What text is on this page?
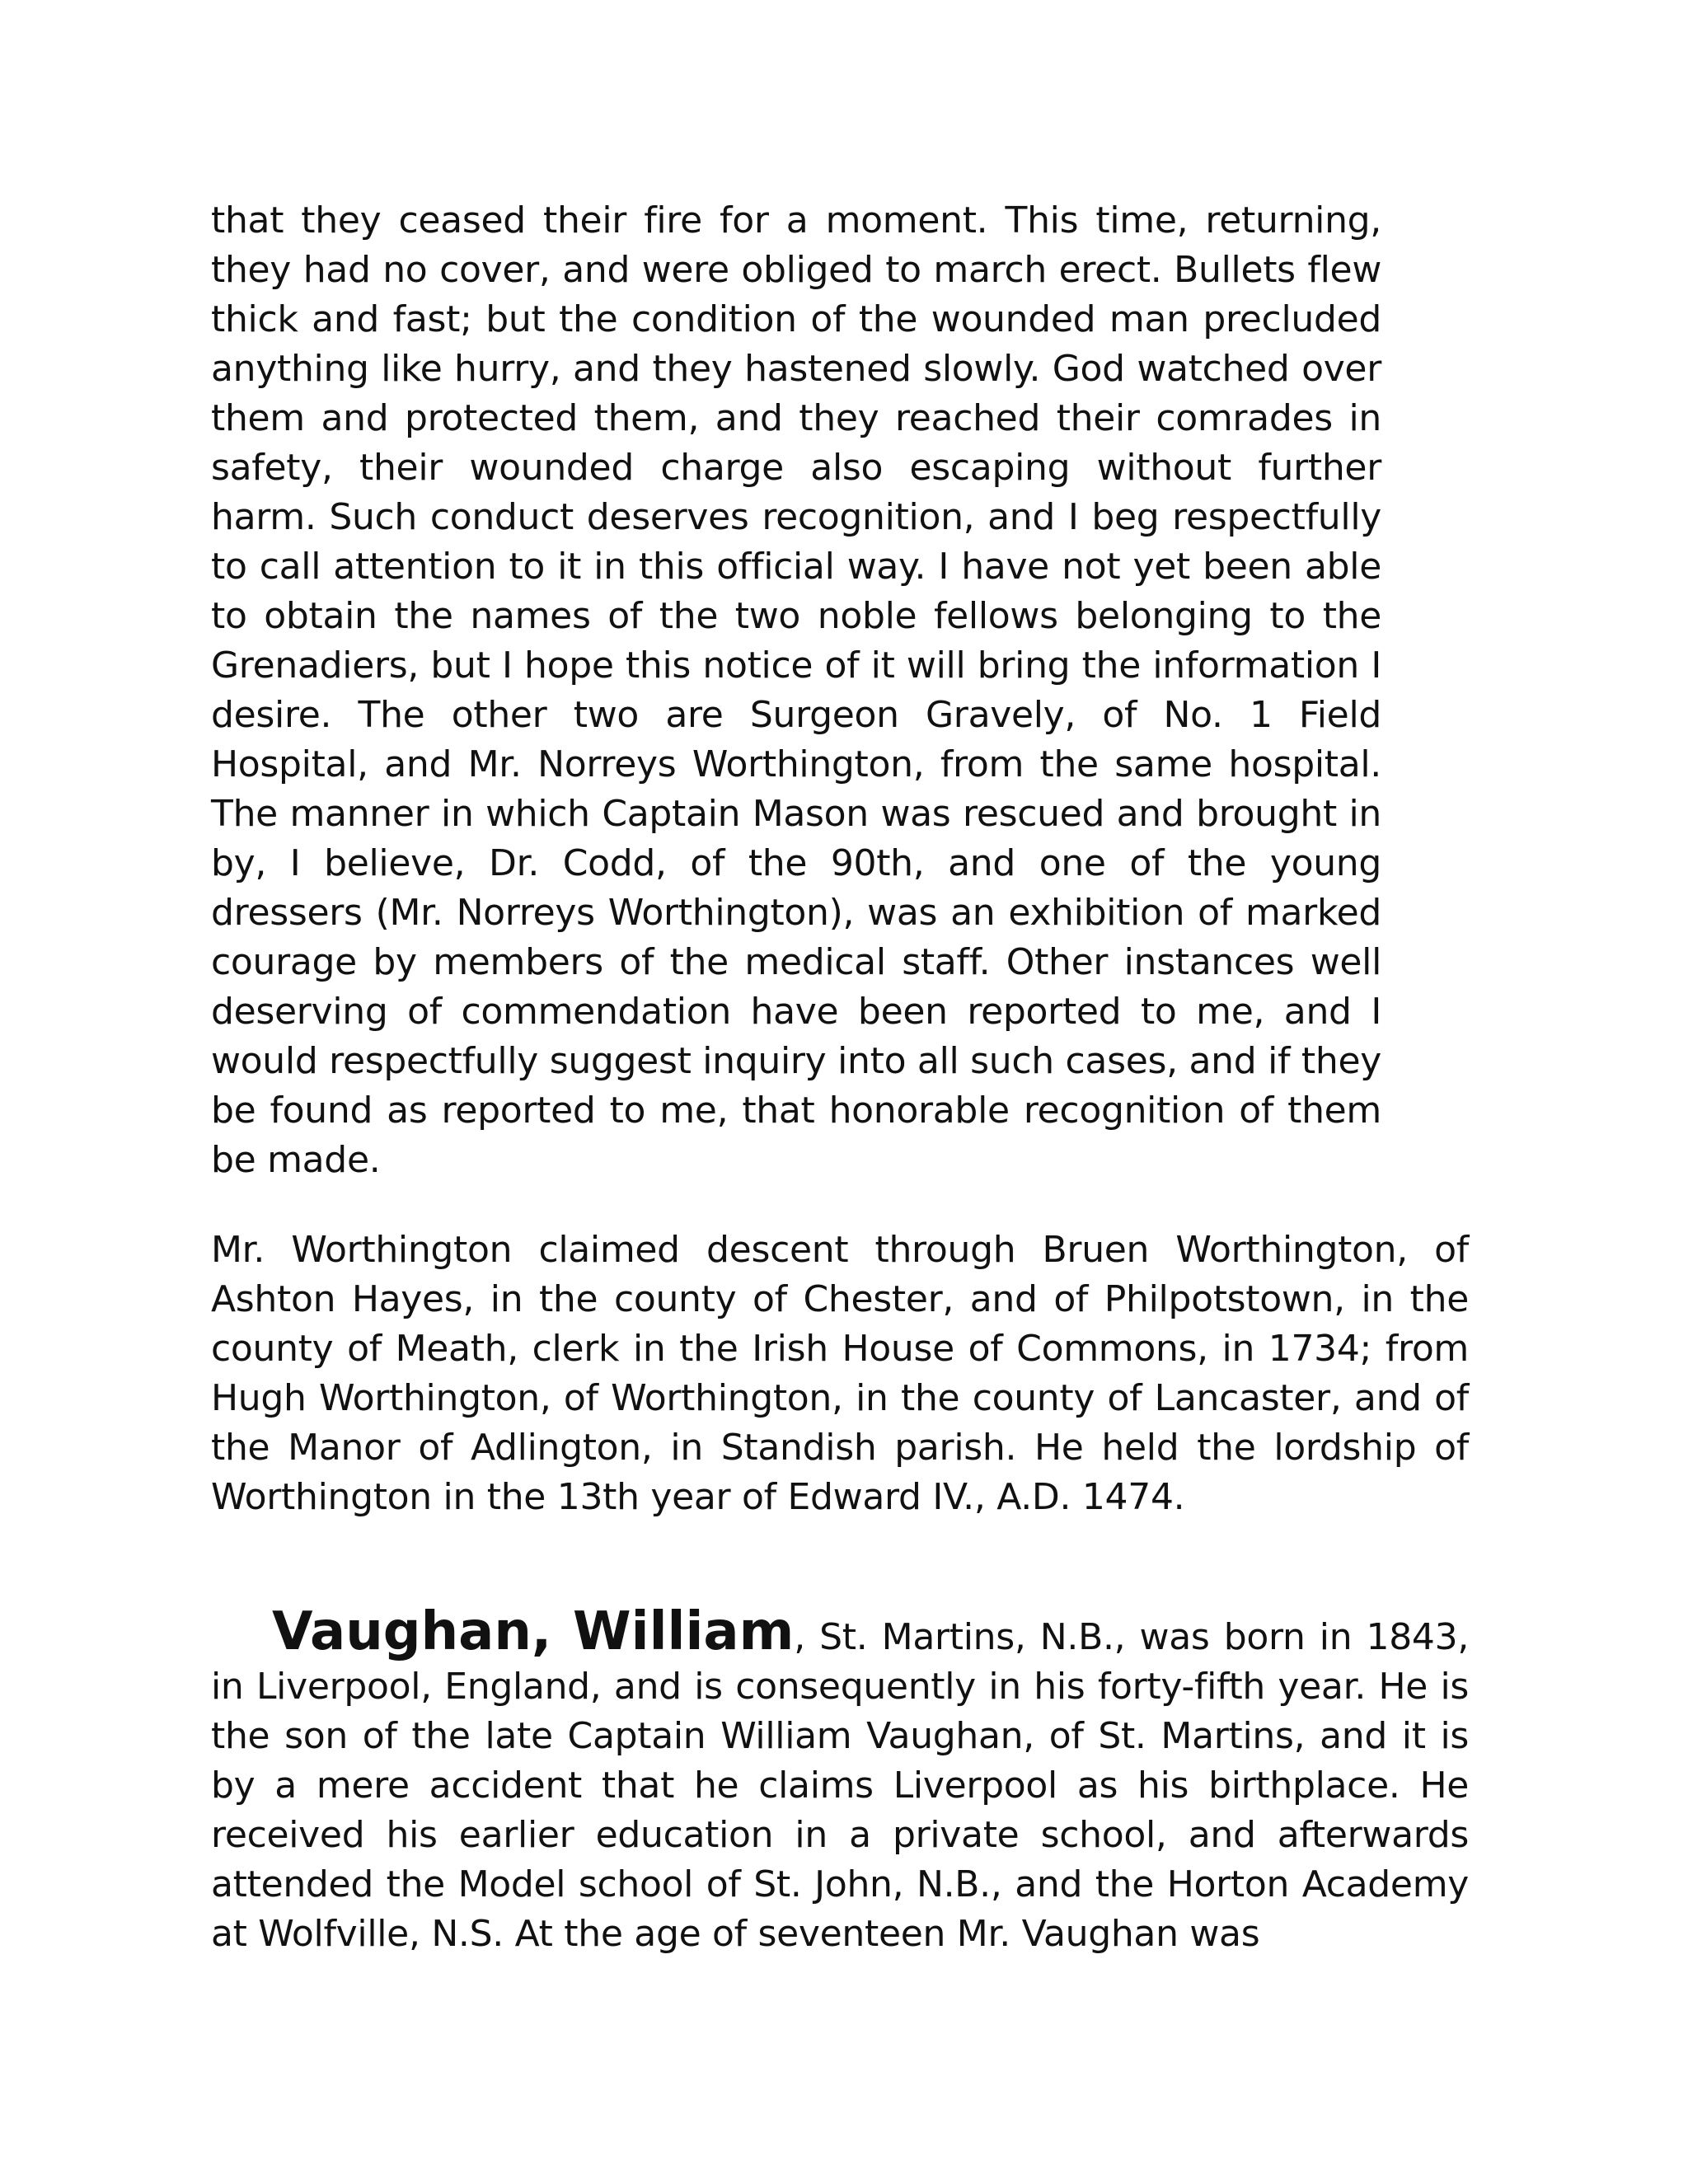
that they ceased their fire for a moment. This time, returning, they had no cover, and were obliged to march erect. Bullets flew thick and fast; but the condition of the wounded man precluded anything like hurry, and they hastened slowly. God watched over them and protected them, and they reached their comrades in safety, their wounded charge also escaping without further harm. Such conduct deserves recognition, and I beg respectfully to call attention to it in this official way. I have not yet been able to obtain the names of the two noble fellows belonging to the Grenadiers, but I hope this notice of it will bring the information I desire. The other two are Surgeon Gravely, of No. 1 Field Hospital, and Mr. Norreys Worthington, from the same hospital. The manner in which Captain Mason was rescued and brought in by, I believe, Dr. Codd, of the 90th, and one of the young dressers (Mr. Norreys Worthington), was an exhibition of marked courage by members of the medical staff. Other instances well deserving of commendation have been reported to me, and I would respectfully suggest inquiry into all such cases, and if they be found as reported to me, that honorable recognition of them be made.

Mr. Worthington claimed descent through Bruen Worthington, of Ashton Hayes, in the county of Chester, and of Philpotstown, in the county of Meath, clerk in the Irish House of Commons, in 1734; from Hugh Worthington, of Worthington, in the county of Lancaster, and of the Manor of Adlington, in Standish parish. He held the lordship of Worthington in the 13th year of Edward IV., A.D. 1474.

Vaughan, William, St. Martins, N.B., was born in 1843, in Liverpool, England, and is consequently in his forty-fifth year. He is the son of the late Captain William Vaughan, of St. Martins, and it is by a mere accident that he claims Liverpool as his birthplace. He received his earlier education in a private school, and afterwards attended the Model school of St. John, N.B., and the Horton Academy at Wolfville, N.S. At the age of seventeen Mr. Vaughan was
